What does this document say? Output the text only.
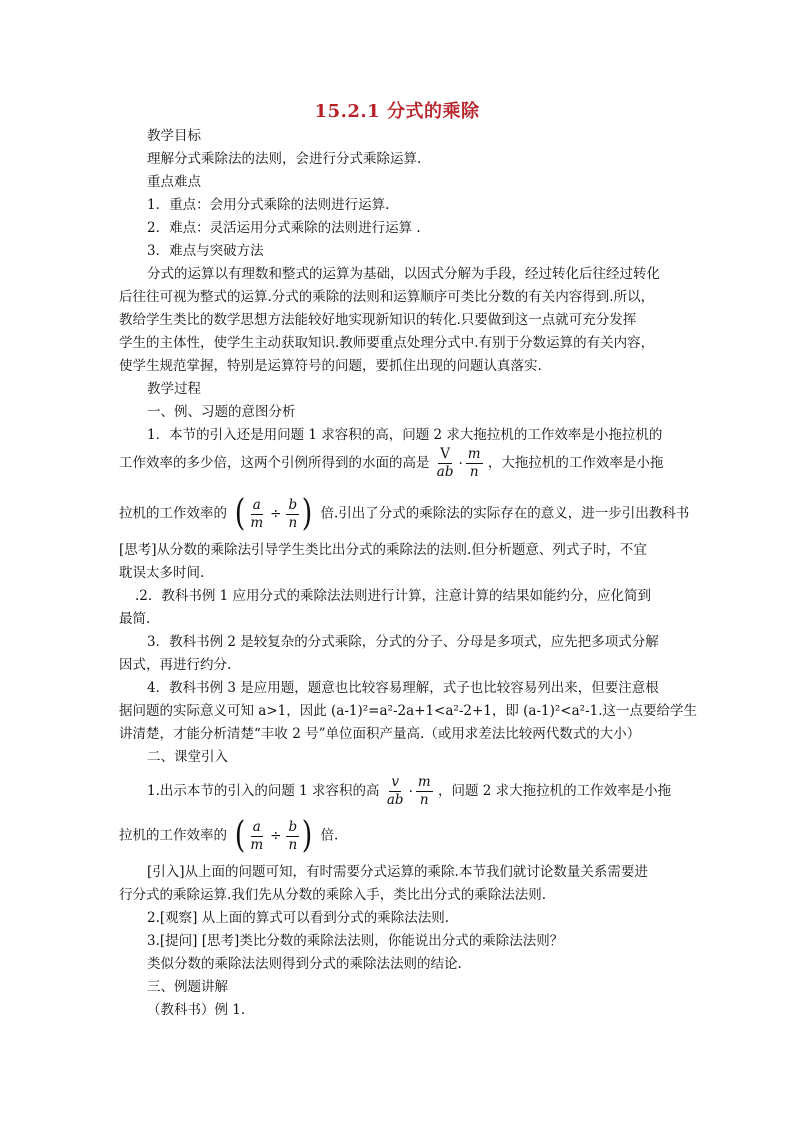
15.2.1 分式的乘除
教学目标
理解分式乘除法的法则，会进行分式乘除运算.
重点难点
1．重点：会用分式乘除的法则进行运算.
2．难点：灵活运用分式乘除的法则进行运算 .
3．难点与突破方法
分式的运算以有理数和整式的运算为基础，以因式分解为手段，经过转化后往经过转化
后往往可视为整式的运算.分式的乘除的法则和运算顺序可类比分数的有关内容得到.所以，
教给学生类比的数学思想方法能较好地实现新知识的转化.只要做到这一点就可充分发挥
学生的主体性，使学生主动获取知识.教师要重点处理分式中.有别于分数运算的有关内容，
使学生规范掌握，特别是运算符号的问题，要抓住出现的问题认真落实.
教学过程
一、例、习题的意图分析
1．本节的引入还是用问题 1 求容积的高，问题 2 求大拖拉机的工作效率是小拖拉机的
工作效率的多少倍，这两个引例所得到的水面的高是 $\frac{V}{ab} \cdot \frac{m}{n}$ ，大拖拉机的工作效率是小拖
拉机的工作效率的 ( $\frac{a}{m} \div \frac{b}{n}$ ) 倍.引出了分式的乘除法的实际存在的意义，进一步引出教科书
[思考]从分数的乘除法引导学生类比出分式的乘除法的法则.但分析题意、列式子时，不宜
耽误太多时间.
.2．教科书例 1 应用分式的乘除法法则进行计算，注意计算的结果如能约分，应化简到
最简.
3．教科书例 2 是较复杂的分式乘除，分式的分子、分母是多项式，应先把多项式分解
因式，再进行约分.
4．教科书例 3 是应用题，题意也比较容易理解，式子也比较容易列出来，但要注意根
据问题的实际意义可知 a>1，因此 (a-1)²=a²-2a+1<a²-2+1，即 (a-1)²<a²-1.这一点要给学生
讲清楚，才能分析清楚“丰收 2 号”单位面积产量高.（或用求差法比较两代数式的大小）
二、课堂引入
1.出示本节的引入的问题 1 求容积的高 $\frac{v}{ab} \cdot \frac{m}{n}$ ，问题 2 求大拖拉机的工作效率是小拖
拉机的工作效率的 ( $\frac{a}{m} \div \frac{b}{n}$ ) 倍.
[引入]从上面的问题可知，有时需要分式运算的乘除.本节我们就讨论数量关系需要进
行分式的乘除运算.我们先从分数的乘除入手，类比出分式的乘除法法则.
2.[观察] 从上面的算式可以看到分式的乘除法法则.
3.[提问] [思考]类比分数的乘除法法则，你能说出分式的乘除法法则？
类似分数的乘除法法则得到分式的乘除法法则的结论.
三、例题讲解
（教科书）例 1.
